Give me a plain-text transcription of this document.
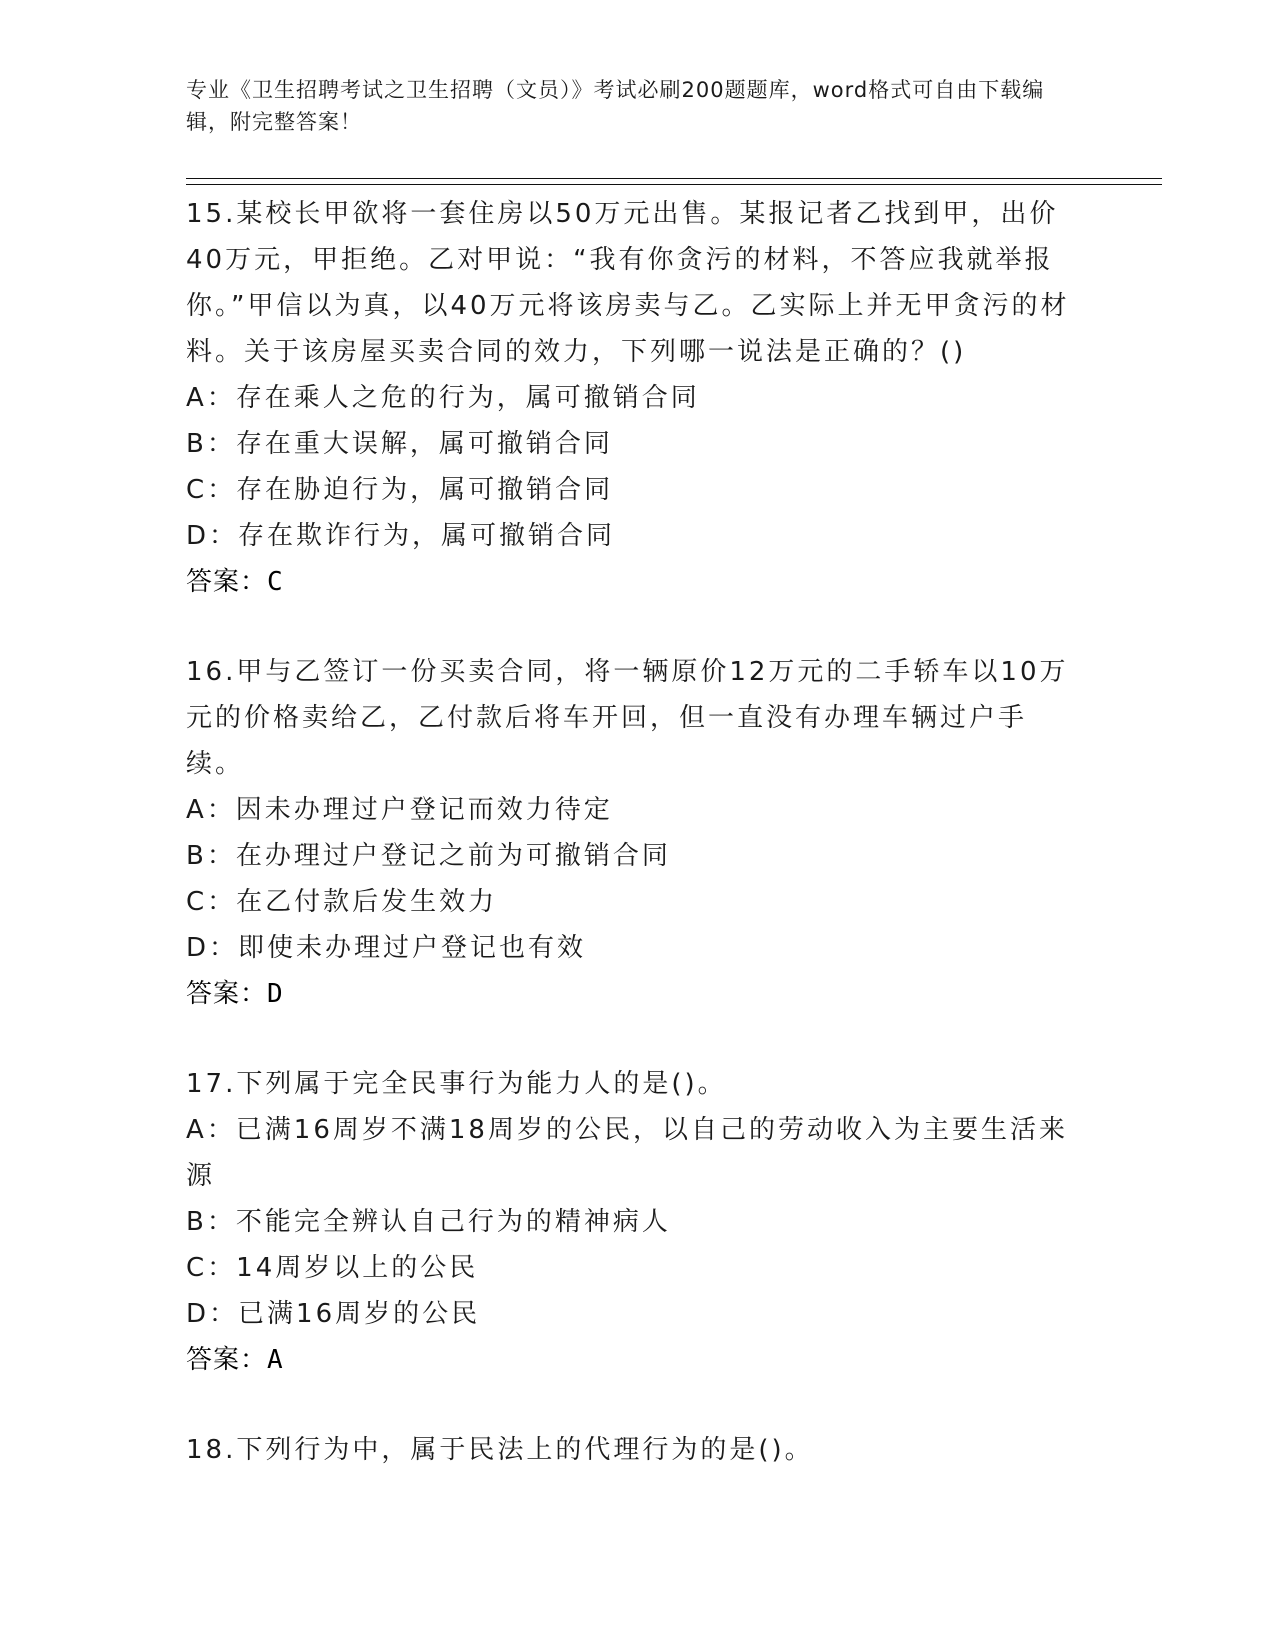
专业《卫生招聘考试之卫生招聘（文员）》考试必刷200题题库，word格式可自由下载编辑，附完整答案！
15.某校长甲欲将一套住房以50万元出售。某报记者乙找到甲，出价40万元，甲拒绝。乙对甲说：“我有你贪污的材料，不答应我就举报你。”甲信以为真，以40万元将该房卖与乙。乙实际上并无甲贪污的材料。关于该房屋买卖合同的效力，下列哪一说法是正确的？()
A：存在乘人之危的行为，属可撤销合同
B：存在重大误解，属可撤销合同
C：存在胁迫行为，属可撤销合同
D：存在欺诈行为，属可撤销合同
答案：C
16.甲与乙签订一份买卖合同，将一辆原价12万元的二手轿车以10万元的价格卖给乙，乙付款后将车开回，但一直没有办理车辆过户手续。
A：因未办理过户登记而效力待定
B：在办理过户登记之前为可撤销合同
C：在乙付款后发生效力
D：即使未办理过户登记也有效
答案：D
17.下列属于完全民事行为能力人的是()。
A：已满16周岁不满18周岁的公民，以自己的劳动收入为主要生活来源
B：不能完全辨认自己行为的精神病人
C：14周岁以上的公民
D：已满16周岁的公民
答案：A
18.下列行为中，属于民法上的代理行为的是()。
